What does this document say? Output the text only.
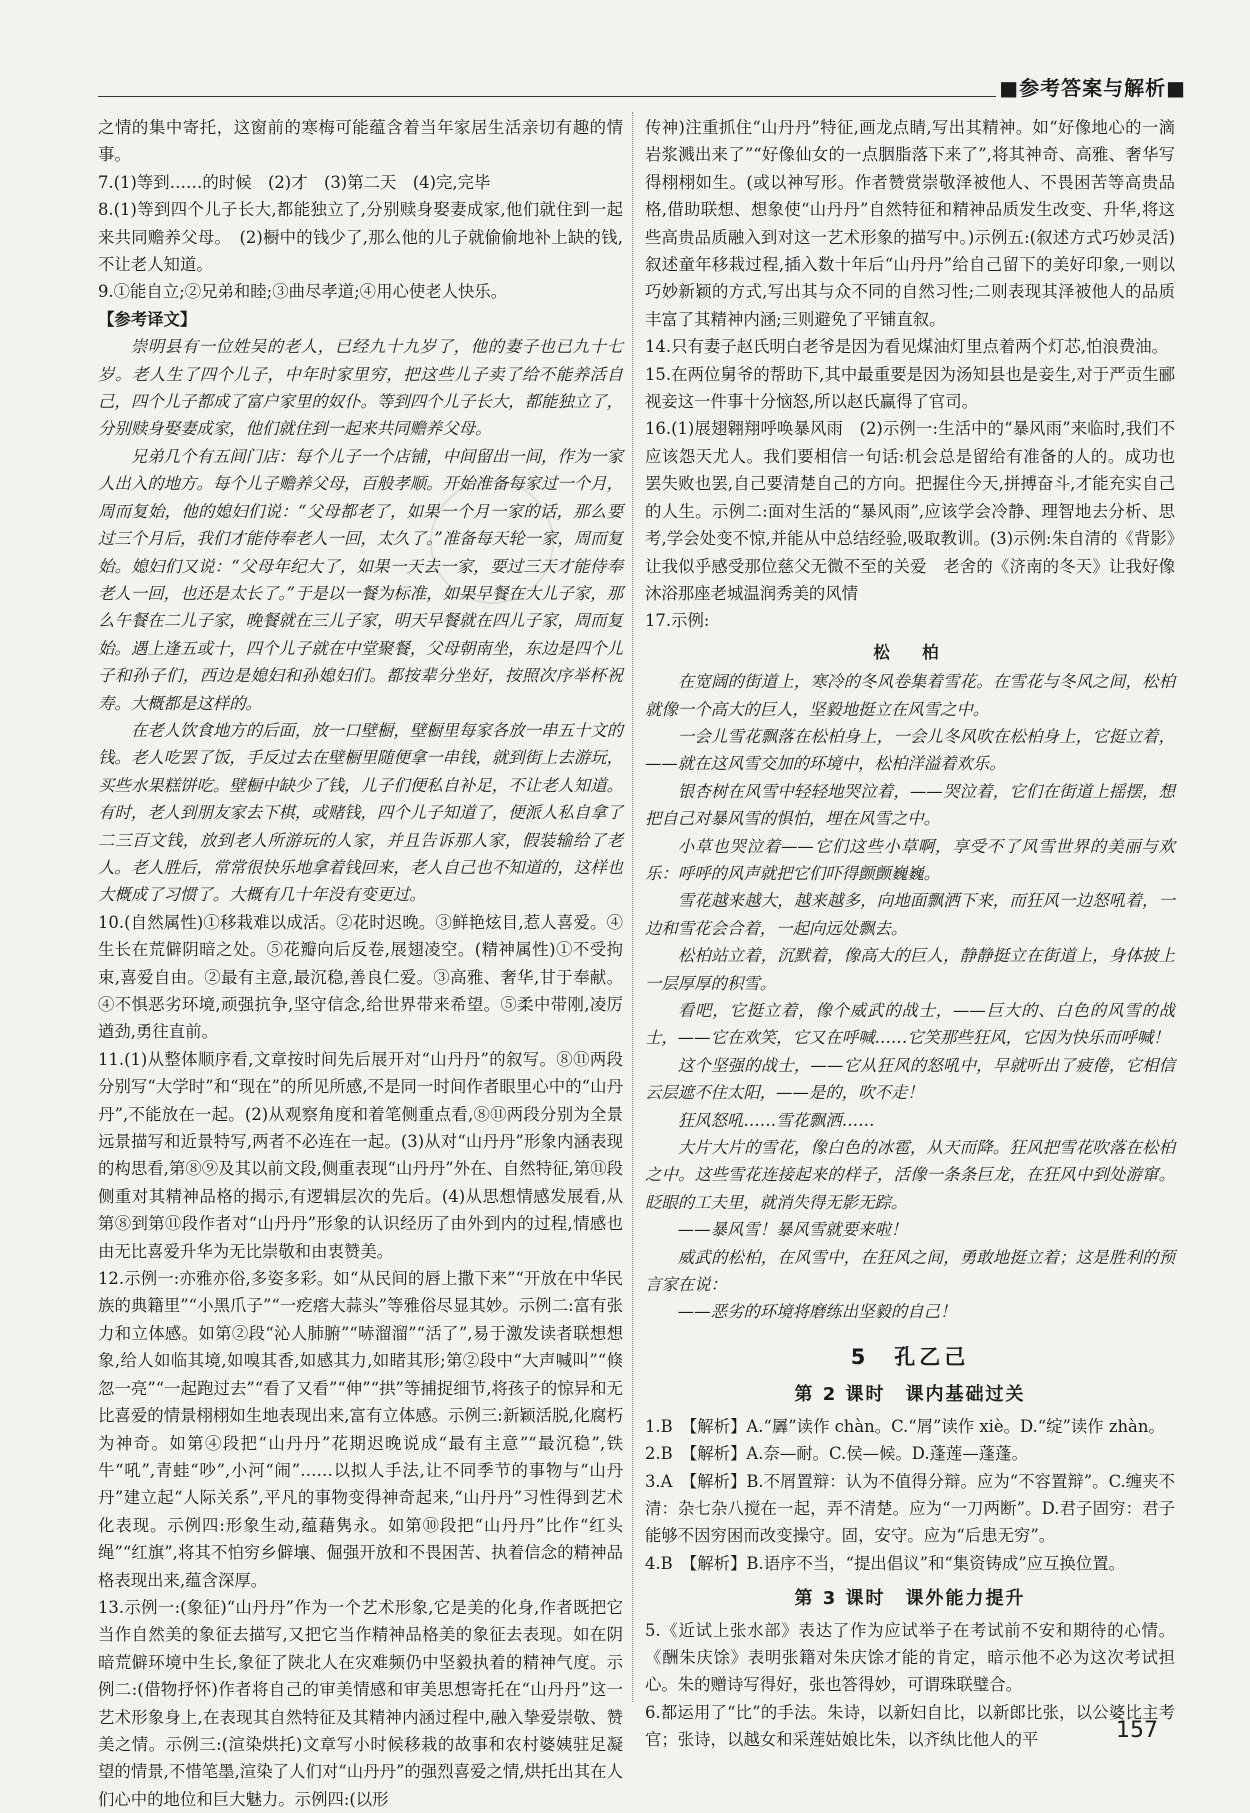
■参考答案与解析■

之情的集中寄托，这窗前的寒梅可能蕴含着当年家居生活亲切有趣的情事。

7.(1)等到……的时候　(2)才　(3)第二天　(4)完,完毕

8.(1)等到四个儿子长大,都能独立了,分别赎身娶妻成家,他们就住到一起来共同赡养父母。　(2)橱中的钱少了,那么他的儿子就偷偷地补上缺的钱,不让老人知道。

9.①能自立;②兄弟和睦;③曲尽孝道;④用心使老人快乐。

【参考译文】

崇明县有一位姓吴的老人，已经九十九岁了，他的妻子也已九十七岁。老人生了四个儿子，中年时家里穷，把这些儿子卖了给不能养活自己，四个儿子都成了富户家里的奴仆。等到四个儿子长大，都能独立了，分别赎身娶妻成家，他们就住到一起来共同赡养父母。

兄弟几个有五间门店：每个儿子一个店铺，中间留出一间，作为一家人出入的地方。每个儿子赡养父母，百般孝顺。开始准备每家过一个月，周而复始，他的媳妇们说：“父母都老了，如果一个月一家的话，那么要过三个月后，我们才能侍奉老人一回，太久了。”准备每天轮一家，周而复始。媳妇们又说：“父母年纪大了，如果一天去一家，要过三天才能侍奉老人一回，也还是太长了。”于是以一餐为标准，如果早餐在大儿子家，那么午餐在二儿子家，晚餐就在三儿子家，明天早餐就在四儿子家，周而复始。遇上逢五或十，四个儿子就在中堂聚餐，父母朝南坐，东边是四个儿子和孙子们，西边是媳妇和孙媳妇们。都按辈分坐好，按照次序举杯祝寿。大概都是这样的。

在老人饮食地方的后面，放一口壁橱，壁橱里每家各放一串五十文的钱。老人吃罢了饭，手反过去在壁橱里随便拿一串钱，就到街上去游玩，买些水果糕饼吃。壁橱中缺少了钱，儿子们便私自补足，不让老人知道。有时，老人到朋友家去下棋，或赌钱，四个儿子知道了，便派人私自拿了二三百文钱，放到老人所游玩的人家，并且告诉那人家，假装输给了老人。老人胜后，常常很快乐地拿着钱回来，老人自己也不知道的，这样也大概成了习惯了。大概有几十年没有变更过。

10.(自然属性)①移栽难以成活。②花时迟晚。③鲜艳炫目,惹人喜爱。④生长在荒僻阴暗之处。⑤花瓣向后反卷,展翅凌空。(精神属性)①不受拘束,喜爱自由。②最有主意,最沉稳,善良仁爱。③高雅、奢华,甘于奉献。④不惧恶劣环境,顽强抗争,坚守信念,给世界带来希望。⑤柔中带刚,凌厉遒劲,勇往直前。

11.(1)从整体顺序看,文章按时间先后展开对“山丹丹”的叙写。⑧⑪两段分别写“大学时”和“现在”的所见所感,不是同一时间作者眼里心中的“山丹丹”,不能放在一起。(2)从观察角度和着笔侧重点看,⑧⑪两段分别为全景远景描写和近景特写,两者不必连在一起。(3)从对“山丹丹”形象内涵表现的构思看,第⑧⑨及其以前文段,侧重表现“山丹丹”外在、自然特征,第⑪段侧重对其精神品格的揭示,有逻辑层次的先后。(4)从思想情感发展看,从第⑧到第⑪段作者对“山丹丹”形象的认识经历了由外到内的过程,情感也由无比喜爱升华为无比崇敬和由衷赞美。

12.示例一:亦雅亦俗,多姿多彩。如“从民间的唇上撒下来”“开放在中华民族的典籍里”“小黑爪子”“一疙瘩大蒜头”等雅俗尽显其妙。示例二:富有张力和立体感。如第②段“沁人肺腑”“哧溜溜”“活了”,易于激发读者联想想象,给人如临其境,如嗅其香,如感其力,如睹其形;第②段中“大声喊叫”“倏忽一亮”“一起跑过去”“看了又看”“伸”“拱”等捕捉细节,将孩子的惊异和无比喜爱的情景栩栩如生地表现出来,富有立体感。示例三:新颖活脱,化腐朽为神奇。如第④段把“山丹丹”花期迟晚说成“最有主意”“最沉稳”,铁牛“吼”,青蛙“吵”,小河“闹”……以拟人手法,让不同季节的事物与“山丹丹”建立起“人际关系”,平凡的事物变得神奇起来,“山丹丹”习性得到艺术化表现。示例四:形象生动,蕴藉隽永。如第⑩段把“山丹丹”比作“红头绳”“红旗”,将其不怕穷乡僻壤、倔强开放和不畏困苦、执着信念的精神品格表现出来,蕴含深厚。

13.示例一:(象征)“山丹丹”作为一个艺术形象,它是美的化身,作者既把它当作自然美的象征去描写,又把它当作精神品格美的象征去表现。如在阴暗荒僻环境中生长,象征了陕北人在灾难频仍中坚毅执着的精神气度。示例二:(借物抒怀)作者将自己的审美情感和审美思想寄托在“山丹丹”这一艺术形象身上,在表现其自然特征及其精神内涵过程中,融入挚爱崇敬、赞美之情。示例三:(渲染烘托)文章写小时候移栽的故事和农村婆姨驻足凝望的情景,不惜笔墨,渲染了人们对“山丹丹”的强烈喜爱之情,烘托出其在人们心中的地位和巨大魅力。示例四:(以形

传神)注重抓住“山丹丹”特征,画龙点睛,写出其精神。如“好像地心的一滴岩浆溅出来了”“好像仙女的一点胭脂落下来了”,将其神奇、高雅、奢华写得栩栩如生。(或以神写形。作者赞赏崇敬泽被他人、不畏困苦等高贵品格,借助联想、想象使“山丹丹”自然特征和精神品质发生改变、升华,将这些高贵品质融入到对这一艺术形象的描写中。)示例五:(叙述方式巧妙灵活)叙述童年移栽过程,插入数十年后“山丹丹”给自己留下的美好印象,一则以巧妙新颖的方式,写出其与众不同的自然习性;二则表现其泽被他人的品质丰富了其精神内涵;三则避免了平铺直叙。

14.只有妻子赵氏明白老爷是因为看见煤油灯里点着两个灯芯,怕浪费油。

15.在两位舅爷的帮助下,其中最重要是因为汤知县也是妾生,对于严贡生郦视妾这一件事十分恼怒,所以赵氏赢得了官司。

16.(1)展翅翱翔呼唤暴风雨　(2)示例一:生活中的“暴风雨”来临时,我们不应该怨天尤人。我们要相信一句话:机会总是留给有准备的人的。成功也罢失败也罢,自己要清楚自己的方向。把握住今天,拼搏奋斗,才能充实自己的人生。示例二:面对生活的“暴风雨”,应该学会冷静、理智地去分析、思考,学会处变不惊,并能从中总结经验,吸取教训。(3)示例:朱自清的《背影》让我似乎感受那位慈父无微不至的关爱　老舍的《济南的冬天》让我好像沐浴那座老城温润秀美的风情

17.示例:

松　柏

在宽阔的街道上，寒冷的冬风卷集着雪花。在雪花与冬风之间，松柏就像一个高大的巨人，坚毅地挺立在风雪之中。

一会儿雪花飘落在松柏身上，一会儿冬风吹在松柏身上，它挺立着，——就在这风雪交加的环境中，松柏洋溢着欢乐。

银杏树在风雪中轻轻地哭泣着，——哭泣着，它们在街道上摇摆，想把自己对暴风雪的惧怕，埋在风雪之中。

小草也哭泣着——它们这些小草啊，享受不了风雪世界的美丽与欢乐：呼呼的风声就把它们吓得颤颤巍巍。

雪花越来越大，越来越多，向地面飘洒下来，而狂风一边怒吼着，一边和雪花会合着，一起向远处飘去。

松柏站立着，沉默着，像高大的巨人，静静挺立在街道上，身体披上一层厚厚的积雪。

看吧，它挺立着，像个威武的战士，——巨大的、白色的风雪的战士，——它在欢笑，它又在呼喊……它笑那些狂风，它因为快乐而呼喊！

这个坚强的战士，——它从狂风的怒吼中，早就听出了疲倦，它相信云层遮不住太阳，——是的，吹不走！

狂风怒吼……雪花飘洒……

大片大片的雪花，像白色的冰雹，从天而降。狂风把雪花吹落在松柏之中。这些雪花连接起来的样子，活像一条条巨龙，在狂风中到处游窜。眨眼的工夫里，就消失得无影无踪。

——暴风雪！暴风雪就要来啦！

威武的松柏，在风雪中，在狂风之间，勇敢地挺立着；这是胜利的预言家在说：

——恶劣的环境将磨练出坚毅的自己！

5　孔乙己
第 2 课时　课内基础过关

1.B　【解析】A.“羼”读作 chàn。C.“屑”读作 xiè。D.“绽”读作 zhàn。

2.B　【解析】A.奈—耐。C.侯—候。D.蓬莲—蓬蓬。

3.A　【解析】B.不屑置辩：认为不值得分辩。应为“不容置辩”。C.缠夹不清：杂七杂八搅在一起，弄不清楚。应为“一刀两断”。D.君子固穷：君子能够不因穷困而改变操守。固，安守。应为“后患无穷”。

4.B　【解析】B.语序不当，“提出倡议”和“集资铸成”应互换位置。

第 3 课时　课外能力提升

5.《近试上张水部》表达了作为应试举子在考试前不安和期待的心情。《酬朱庆馀》表明张籍对朱庆馀才能的肯定，暗示他不必为这次考试担心。朱的赠诗写得好，张也答得妙，可谓珠联璧合。

6.都运用了“比”的手法。朱诗，以新妇自比，以新郎比张，以公婆比主考官；张诗，以越女和采莲姑娘比朱，以齐纨比他人的平	157
